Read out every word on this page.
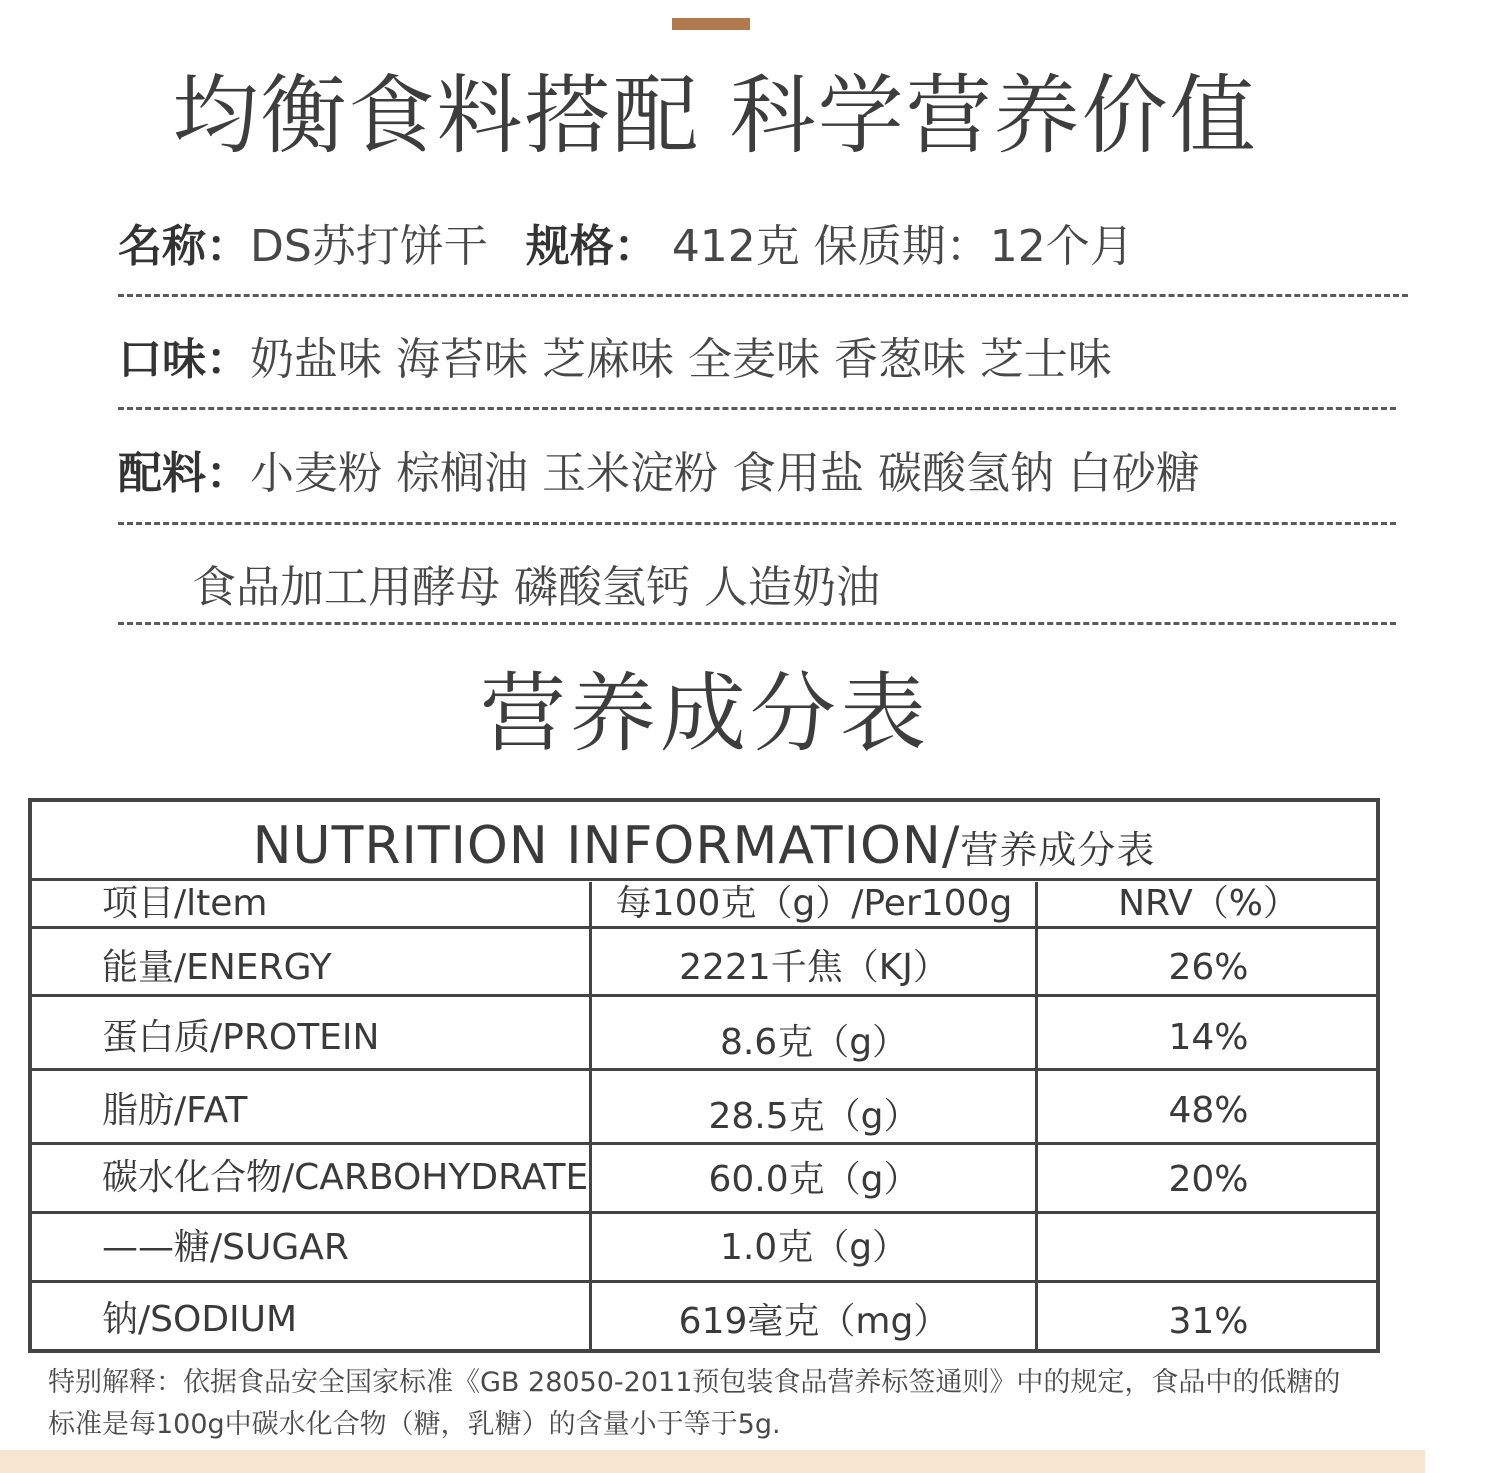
均衡食料搭配 科学营养价值
名称：DS苏打饼干 规格： 412克 保质期：12个月
口味：奶盐味 海苔味 芝麻味 全麦味 香葱味 芝士味
配料：小麦粉 棕榈油 玉米淀粉 食用盐 碳酸氢钠 白砂糖
食品加工用酵母 磷酸氢钙 人造奶油
营养成分表
NUTRITION INFORMATION/营养成分表
项目/ltem	每100克（g）/Per100g	NRV（%）
能量/ENERGY	2221千焦（KJ）	26%
蛋白质/PROTEIN	8.6克（g）	14%
脂肪/FAT	28.5克（g）	48%
碳水化合物/CARBOHYDRATE	60.0克（g）	20%
——糖/SUGAR	1.0克（g）
钠/SODIUM	619毫克（mg）	31%
特别解释：依据食品安全国家标准《GB 28050-2011预包装食品营养标签通则》中的规定，食品中的低糖的
标准是每100g中碳水化合物（糖，乳糖）的含量小于等于5g.
